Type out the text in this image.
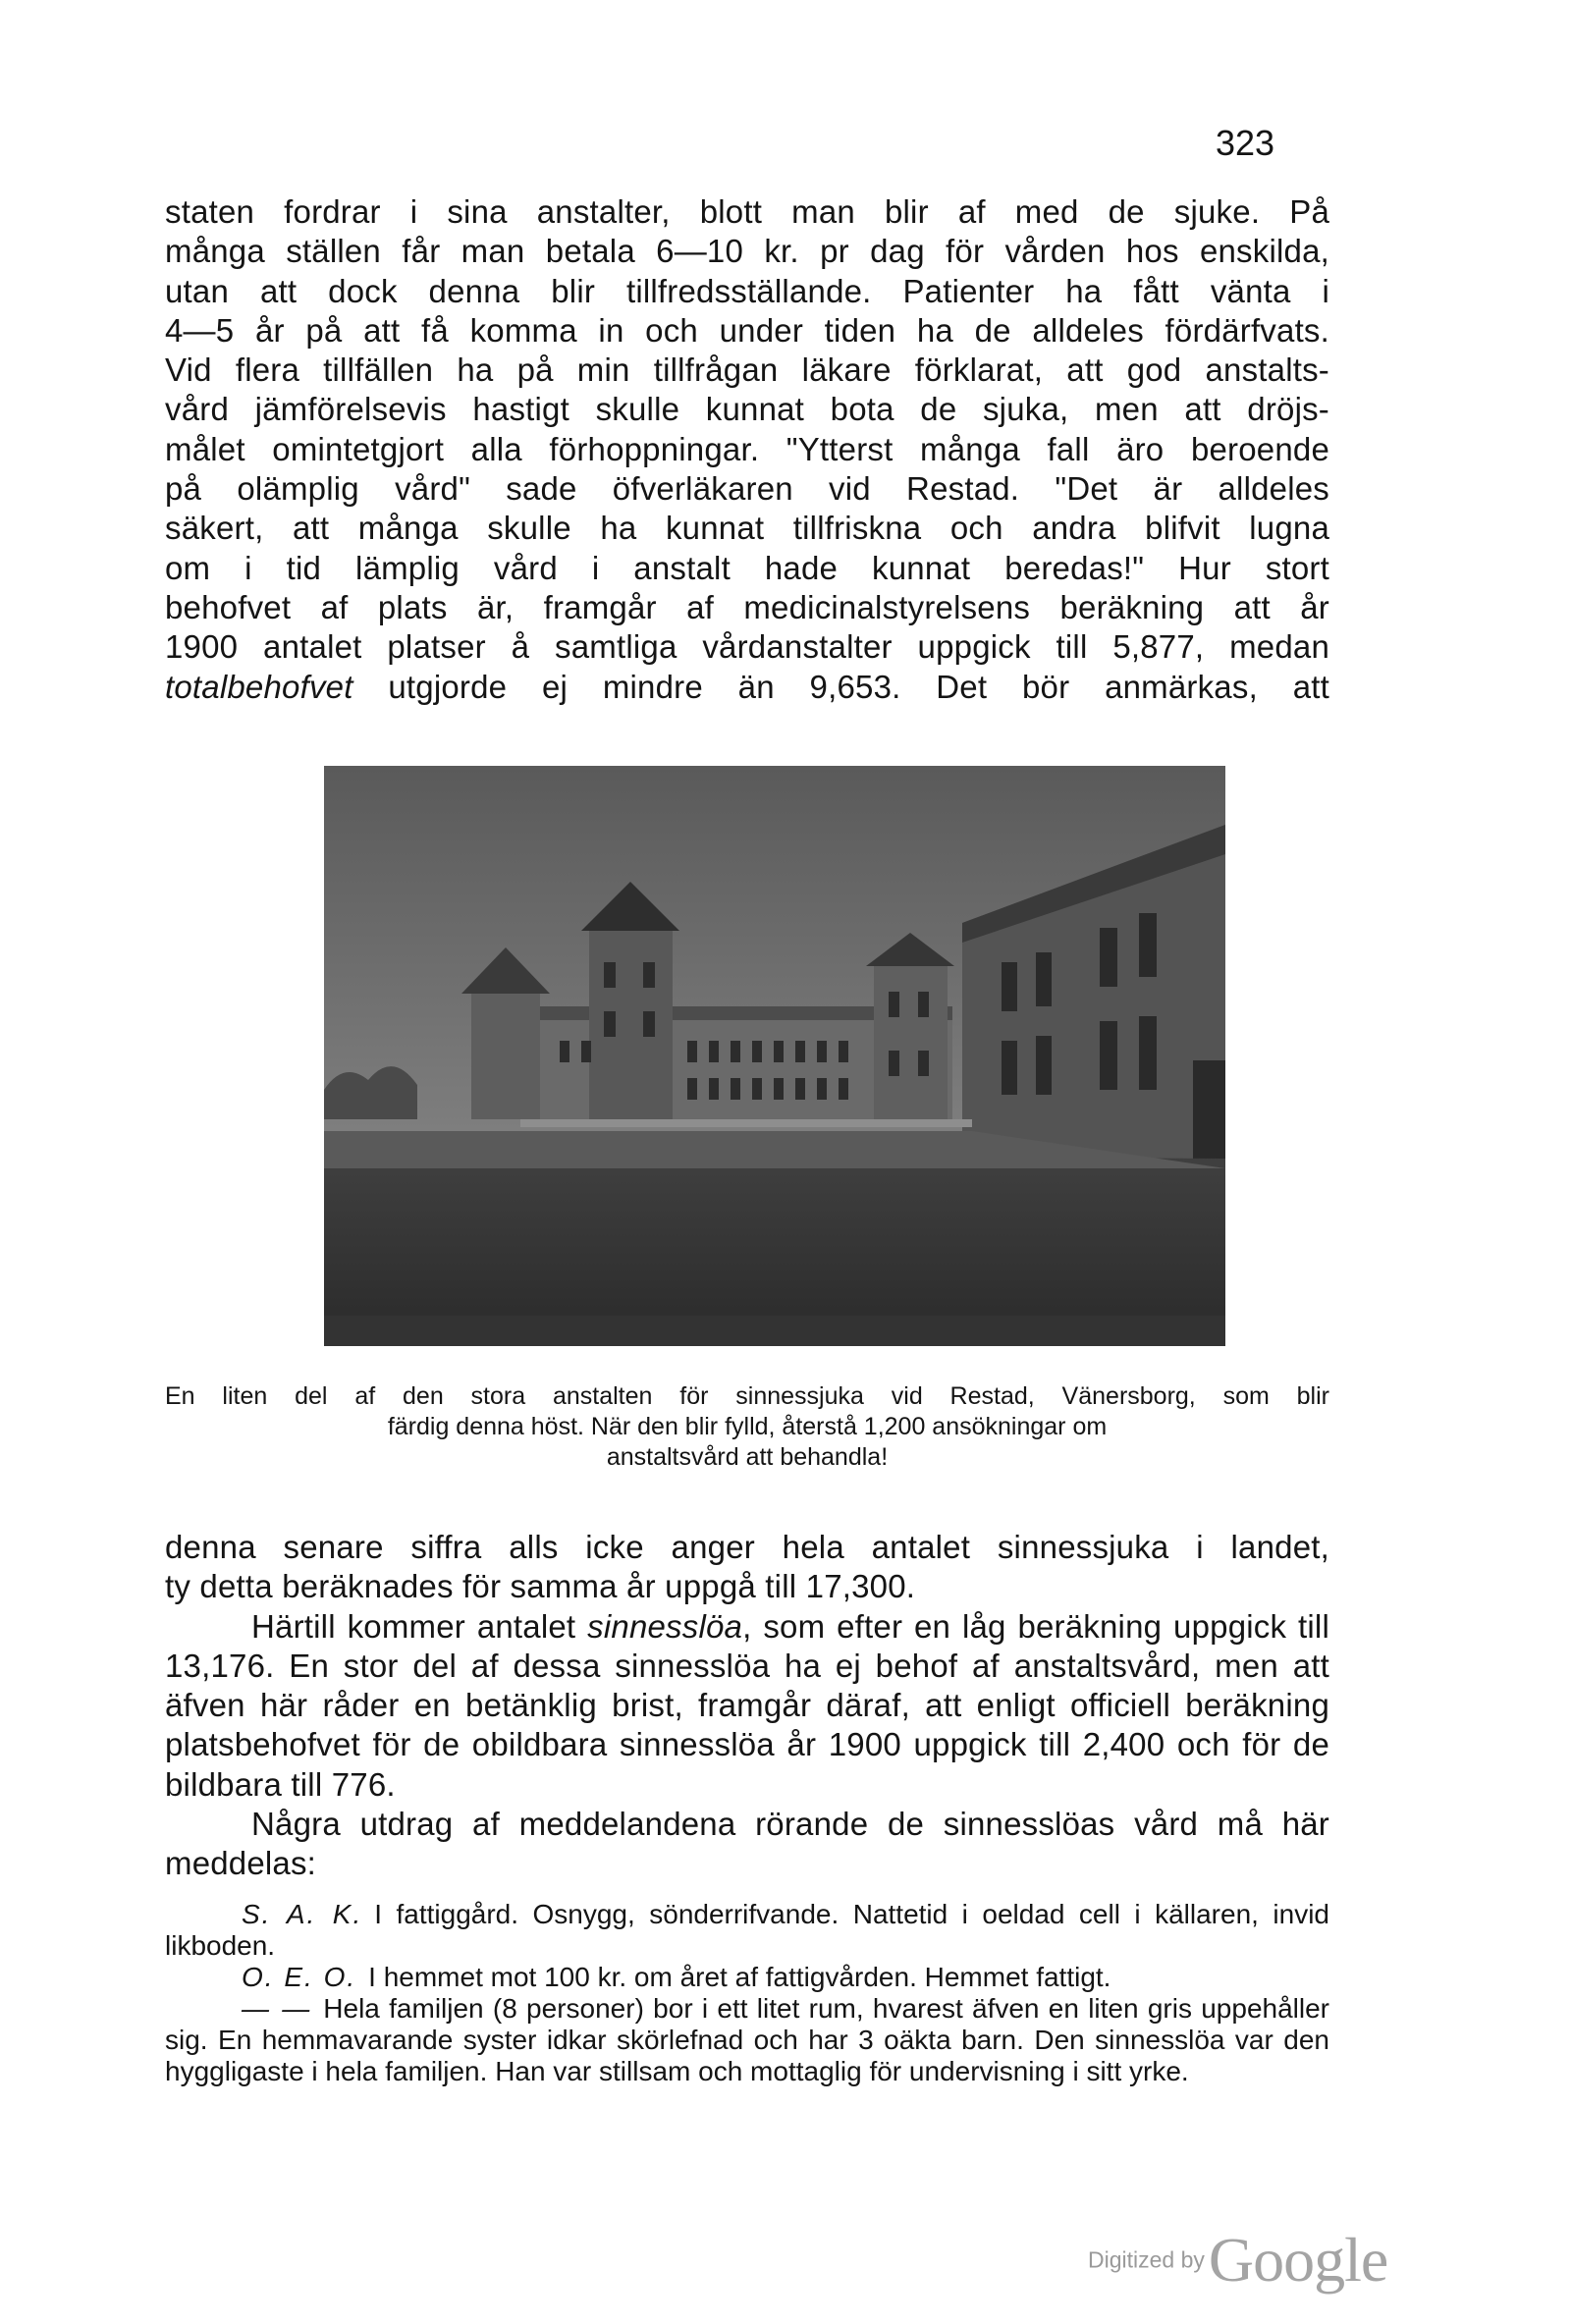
323

staten fordrar i sina anstalter, blott man blir af med de sjuke. På

många ställen får man betala 6—10 kr. pr dag för vården hos enskilda,

utan att dock denna blir tillfredsställande. Patienter ha fått vänta i

4—5 år på att få komma in och under tiden ha de alldeles fördärfvats.

Vid flera tillfällen ha på min tillfrågan läkare förklarat, att god anstalts-

vård jämförelsevis hastigt skulle kunnat bota de sjuka, men att dröjs-

målet omintetgjort alla förhoppningar. "Ytterst många fall äro beroende

på olämplig vård" sade öfverläkaren vid Restad. "Det är alldeles

säkert, att många skulle ha kunnat tillfriskna och andra blifvit lugna

om i tid lämplig vård i anstalt hade kunnat beredas!" Hur stort

behofvet af plats är, framgår af medicinalstyrelsens beräkning att år

1900 antalet platser å samtliga vårdanstalter uppgick till 5,877, medan

totalbehofvet utgjorde ej mindre än 9,653. Det bör anmärkas, att

En liten del af den stora anstalten för sinnessjuka vid Restad, Vänersborg, som blir
färdig denna höst. När den blir fylld, återstå 1,200 ansökningar om
anstaltsvård att behandla!

denna senare siffra alls icke anger hela antalet sinnessjuka i landet,

ty detta beräknades för samma år uppgå till 17,300.

Härtill kommer antalet sinnesslöa, som efter en låg beräkning uppgick till 13,176. En stor del af dessa sinnesslöa ha ej behof af anstaltsvård, men att äfven här råder en betänklig brist, framgår däraf, att enligt officiell beräkning platsbehofvet för de obildbara sinnesslöa år 1900 uppgick till 2,400 och för de bildbara till 776.

Några utdrag af meddelandena rörande de sinnesslöas vård må här meddelas:

S. A. K. I fattiggård. Osnygg, sönderrifvande. Nattetid i oeldad cell i källaren, invid likboden.

O. E. O. I hemmet mot 100 kr. om året af fattigvården. Hemmet fattigt.

— — Hela familjen (8 personer) bor i ett litet rum, hvarest äfven en liten gris uppehåller sig. En hemmavarande syster idkar skörlefnad och har 3 oäkta barn. Den sinnesslöa var den hyggligaste i hela familjen. Han var stillsam och mottaglig för undervisning i sitt yrke.

Digitized by Google
